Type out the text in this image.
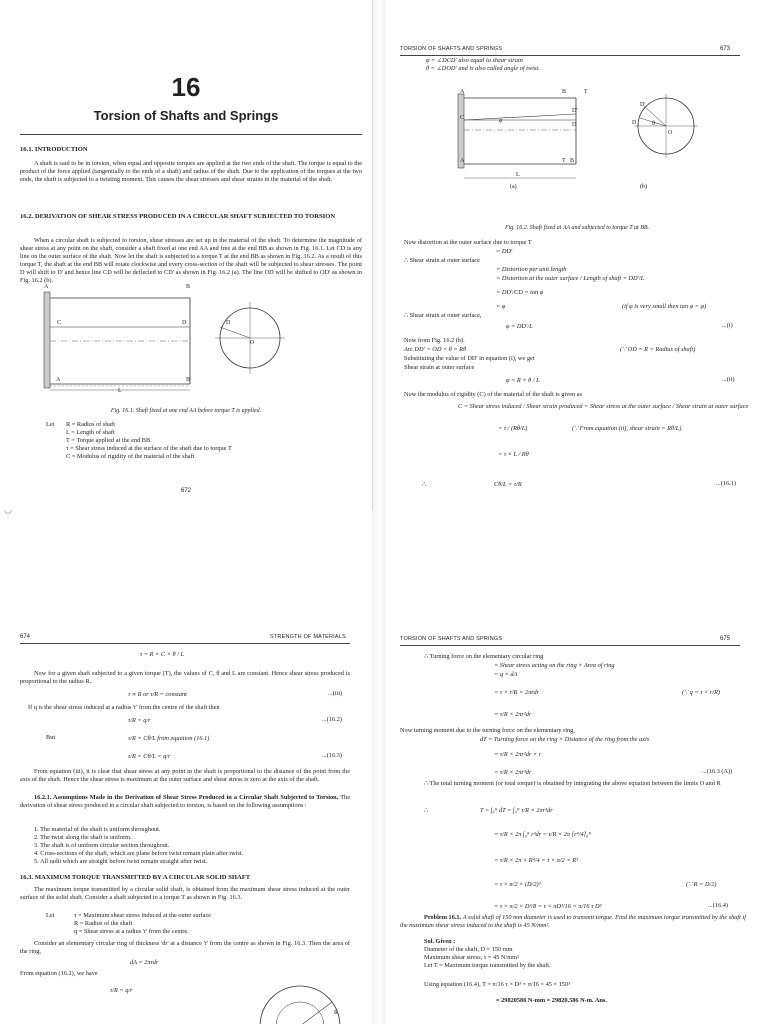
16
Torsion of Shafts and Springs
16.1. INTRODUCTION

A shaft is said to be in torsion, when equal and opposite torques are applied at the two ends of the shaft. The torque is equal to the product of the force applied (tangentially to the ends of a shaft) and radius of the shaft. Due to the application of the torques at the two ends, the shaft is subjected to a twisting moment. This causes the shear stresses and shear strains in the material of the shaft.

16.2. DERIVATION OF SHEAR STRESS PRODUCED IN A CIRCULAR SHAFT SUBJECTED TO TORSION

When a circular shaft is subjected to torsion, shear stresses are set up in the material of the shaft. To determine the magnitude of shear stress at any point on the shaft, consider a shaft fixed at one end AA and free at the end BB as shown in Fig. 16.1. Let CD is any line on the outer surface of the shaft. Now let the shaft is subjected to a torque T at the end BB as shown in Fig. 16.2. As a result of this torque T, the shaft at the end BB will rotate clockwise and every cross-section of the shaft will be subjected to shear stresses. The point D will shift to D' and hence line CD will be deflected to CD' as shown in Fig. 16.2 (a). The line OD will be shifted to OD' as shown in Fig. 16.2 (b).

A	B
C	D	D
O
A	B
L
Fig. 16.1. Shaft fixed at one end AA before torque T is applied.
Let R = Radius of shaft
L = Length of shaft
T = Torque applied at the end BB
τ = Shear stress induced at the surface of the shaft due to torque T
C = Modulus of rigidity of the material of the shaft
672
TORSION OF SHAFTS AND SPRINGS	673
φ = ∠DCD' also equal to shear strain
θ = ∠DOD' and is also called angle of twist.
A	B	T
C	φ
D'
D
D'
D	θ
O
A	T B
L
(a)	(b)
Fig. 16.2. Shaft fixed at AA and subjected to torque T at BB.
Now distortion at the outer surface due to torque T
= DD'
∴ Shear strain at outer surface
= Distortion per unit length
= Distortion at the outer surface / Length of shaft = DD'/L
= DD'/CD = tan φ
= φ	(if φ is very small then tan φ = φ)
∴ Shear strain at outer surface,
φ = DD'/L	...(i)
Now from Fig. 16.2 (b).
Arc DD' = OD × θ = Rθ	(∵ OD = R = Radius of shaft)
Substituting the value of DD' in equation (i), we get
Shear strain at outer surface
φ = R × θ / L	...(ii)
Now the modulus of rigidity (C) of the material of the shaft is given as
C = Shear stress induced / Shear strain produced = Shear stress at the outer surface / Shear strain at outer surface
= τ / (Rθ/L)	(∵ From equation (ii), shear strain = Rθ/L)
= τ × L / Rθ
∴	Cθ/L = τ/R	...(16.1)
674	STRENGTH OF MATERIALS
τ = R × C × θ / L

Now for a given shaft subjected to a given torque (T), the values of C, θ and L are constant. Hence shear stress produced is proportional to the radius R.

τ ∝ R or τ/R = constant	...(iii)

If q is the shear stress induced at a radius 'r' from the centre of the shaft then

τ/R = q/r	...(16.2)
But	τ/R = Cθ/L from equation (16.1)
τ/R = Cθ/L = q/r	...(16.3)

From equation (iii), it is clear that shear stress at any point in the shaft is proportional to the distance of the point from the axis of the shaft. Hence the shear stress is maximum at the outer surface and shear stress is zero at the axis of the shaft.

16.2.1. Assumptions Made in the Derivation of Shear Stress Produced in a Circular Shaft Subjected to Torsion. The derivation of shear stress produced in a circular shaft subjected to torsion, is based on the following assumptions :
1. The material of the shaft is uniform throughout.
2. The twist along the shaft is uniform.
3. The shaft is of uniform circular section throughout.
4. Cross-sections of the shaft, which are plane before twist remain plain after twist.
5. All radii which are straight before twist remain straight after twist.
16.3. MAXIMUM TORQUE TRANSMITTED BY A CIRCULAR SOLID SHAFT

The maximum torque transmitted by a circular solid shaft, is obtained from the maximum shear stress induced at the outer surface of the solid shaft. Consider a shaft subjected to a torque T as shown in Fig. 16.3.

Let	τ = Maximum shear stress induced at the outer surface
R = Radius of the shaft
q = Shear stress at a radius 'r' from the centre.

Consider an elementary circular ring of thickness 'dr' at a distance 'r' from the centre as shown in Fig. 16.3. Then the area of the ring,

dA = 2πrdr

From equation (16.2), we have

τ/R = q/r
R
TORSION OF SHAFTS AND SPRINGS	675
∴ Turning force on the elementary circular ring
= Shear stress acting on the ring × Area of ring
= q × dA
= τ × r/R × 2πrdr	(∵ q = τ × r/R)
= τ/R × 2πr²dr
Now turning moment due to the turning force on the elementary ring,
dT = Turning force on the ring × Distance of the ring from the axis
= τ/R × 2πr²dr × r
= τ/R × 2πr³dr	...(16.3 (A))

∴ The total turning moment (or total torque) is obtained by integrating the above equation between the limits O and R

∴	T = ∫₀ᴿ dT = ∫₀ᴿ τ/R × 2πr³dr
= τ/R × 2π ∫₀ᴿ r³dr = τ/R × 2π [r⁴/4]₀ᴿ
= τ/R × 2π × R⁴/4 = τ × π/2 × R³
= τ × π/2 × (D/2)³	(∵ R = D/2)
= τ × π/2 × D³/8 = τ × πD³/16 = π/16 τ D³	...(16.4)
Problem 16.1. A solid shaft of 150 mm diameter is used to transmit torque. Find the maximum torque transmitted by the shaft if the maximum shear stress induced to the shaft is 45 N/mm².
Sol. Given :
Diameter of the shaft, D = 150 mm
Maximum shear stress, τ = 45 N/mm²
Let T = Maximum torque transmitted by the shaft.
Using equation (16.4), T = π/16 τ × D³ = π/16 × 45 × 150³
= 29820586 N-mm = 29820.586 N-m. Ans.
